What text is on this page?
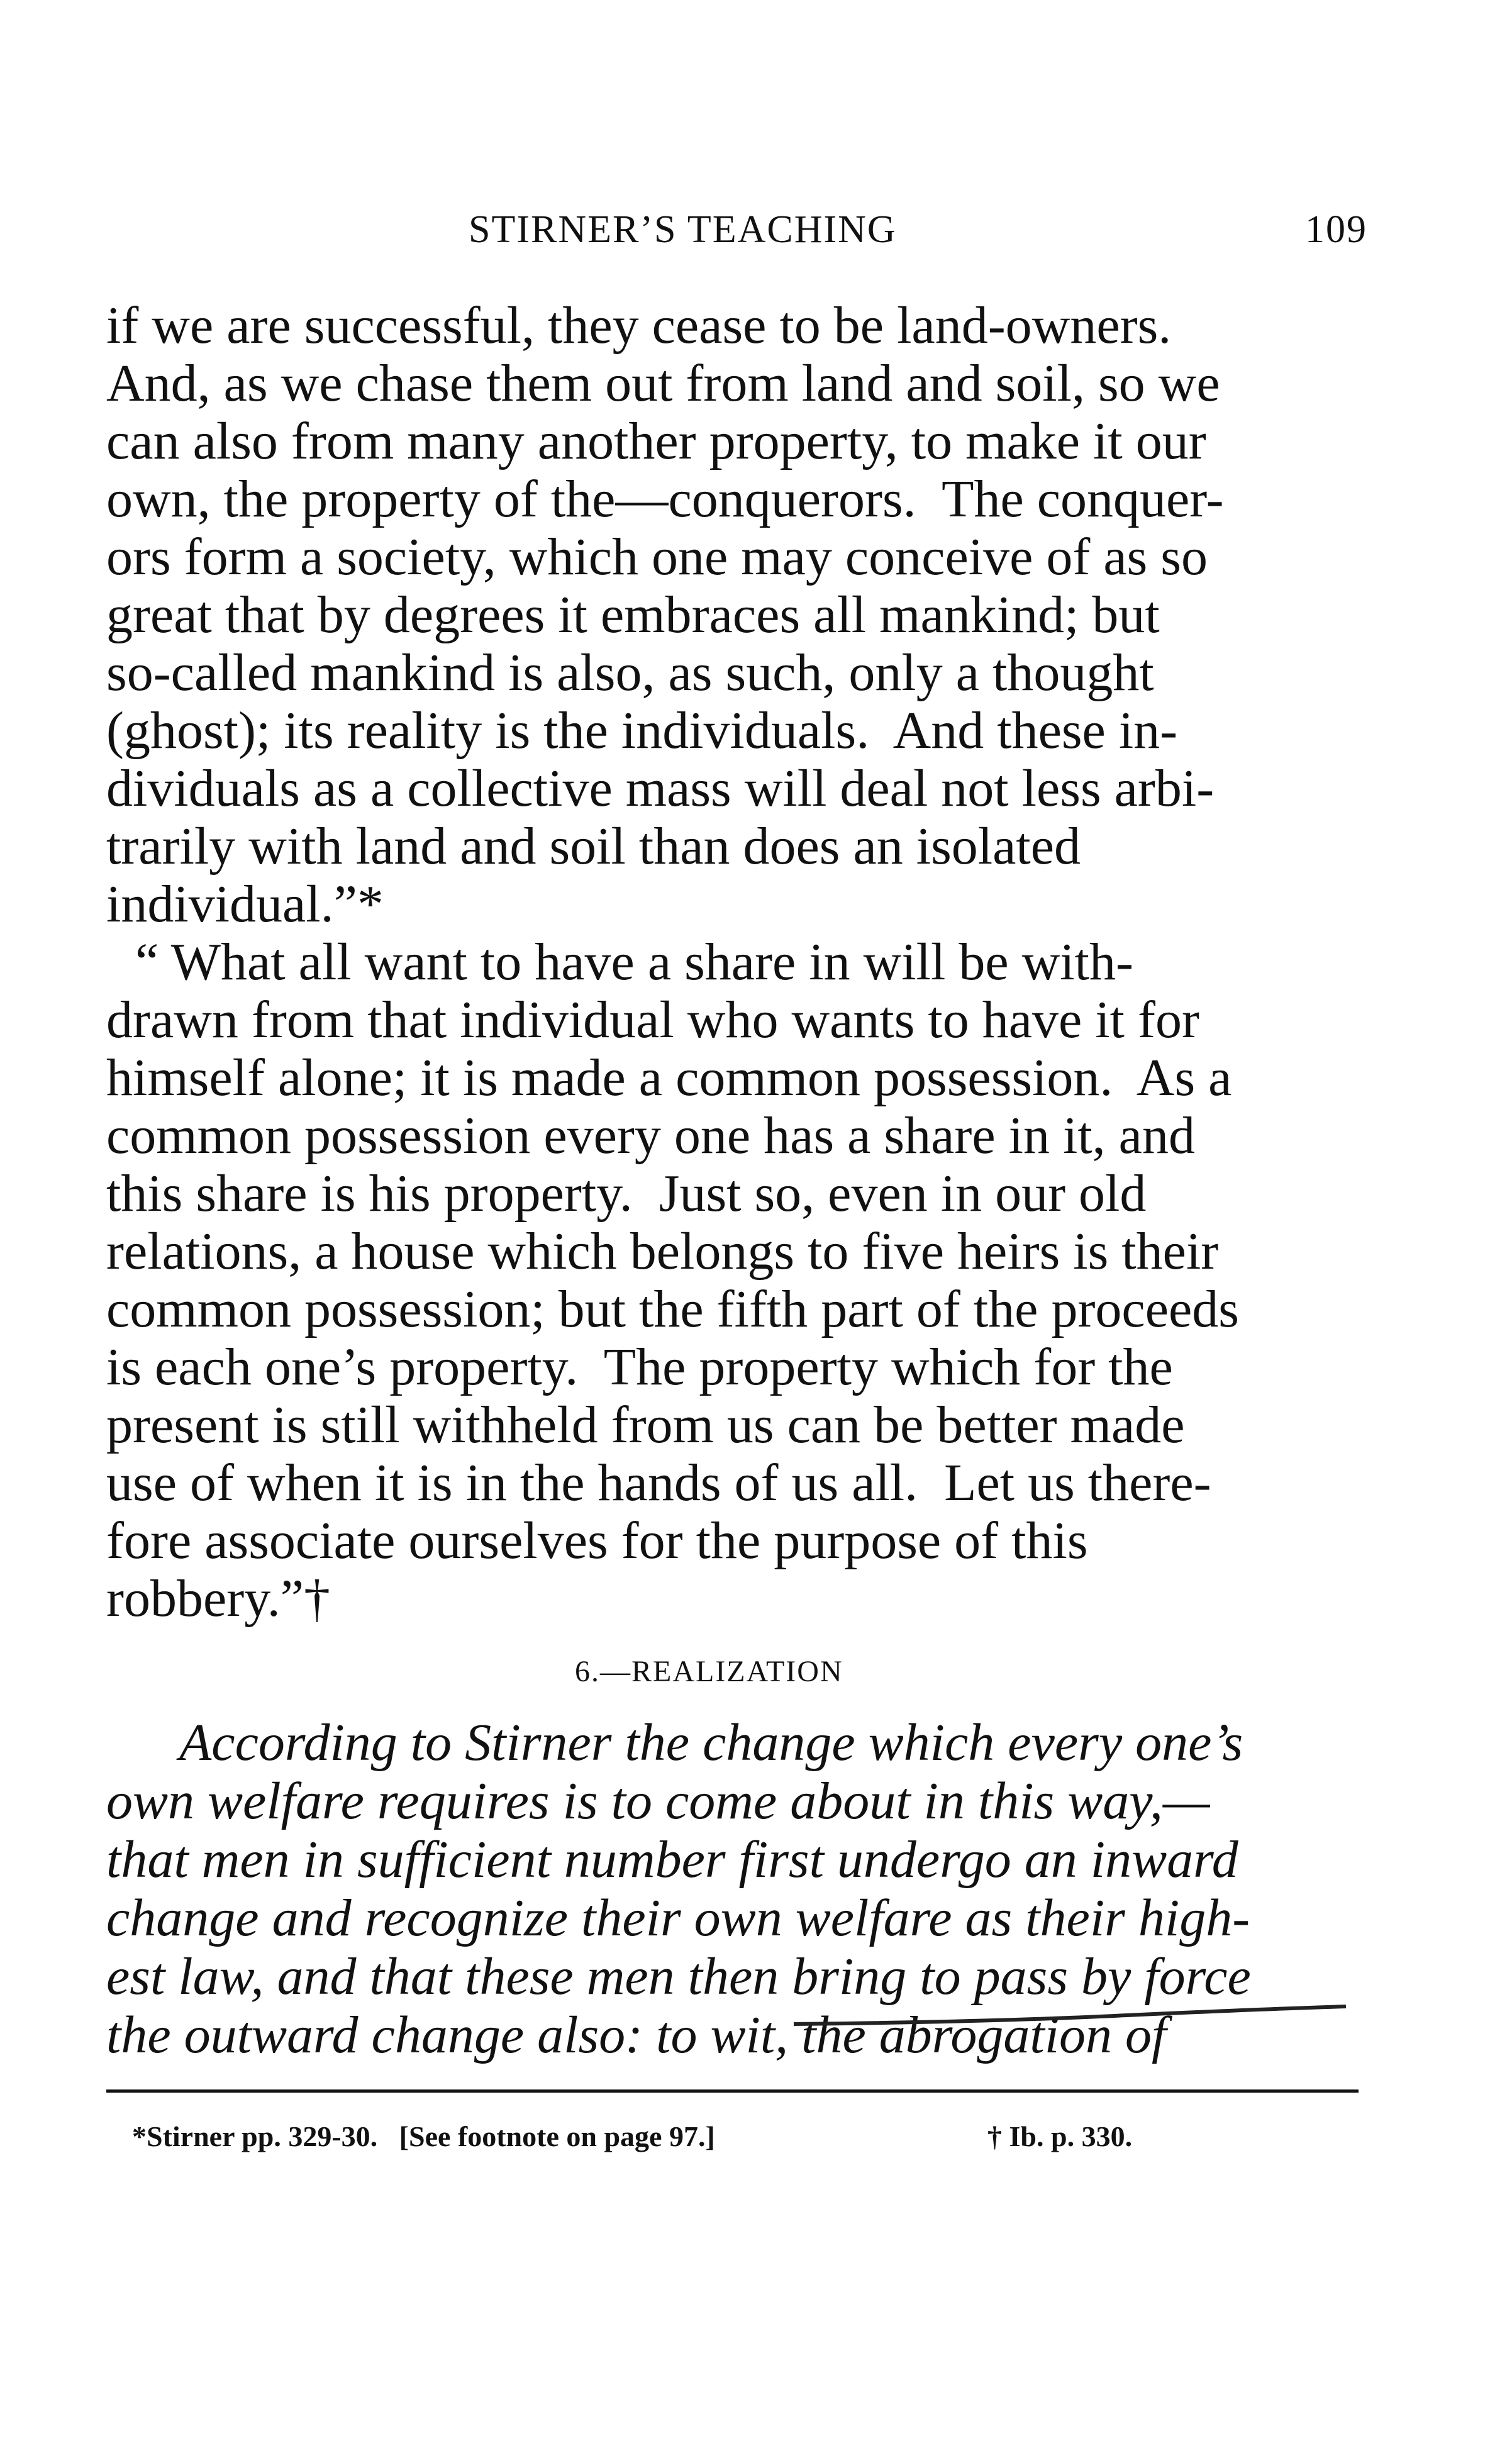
STIRNER’S TEACHING	109
if we are successful, they cease to be land-owners.
And, as we chase them out from land and soil, so we
can also from many another property, to make it our
own, the property of the—conquerors.  The conquer-
ors form a society, which one may conceive of as so
great that by degrees it embraces all mankind; but
so-called mankind is also, as such, only a thought
(ghost); its reality is the individuals.  And these in-
dividuals as a collective mass will deal not less arbi-
trarily with land and soil than does an isolated
individual.”*
“ What all want to have a share in will be with-
drawn from that individual who wants to have it for
himself alone; it is made a common possession.  As a
common possession every one has a share in it, and
this share is his property.  Just so, even in our old
relations, a house which belongs to five heirs is their
common possession; but the fifth part of the proceeds
is each one’s property.  The property which for the
present is still withheld from us can be better made
use of when it is in the hands of us all.  Let us there-
fore associate ourselves for the purpose of this
robbery.”†
6.—REALIZATION
According to Stirner the change which every one’s
own welfare requires is to come about in this way,—
that men in sufficient number first undergo an inward
change and recognize their own welfare as their high-
est law, and that these men then bring to pass by force
the outward change also: to wit, the abrogation of
*Stirner pp. 329-30.   [See footnote on page 97.]	† Ib. p. 330.
